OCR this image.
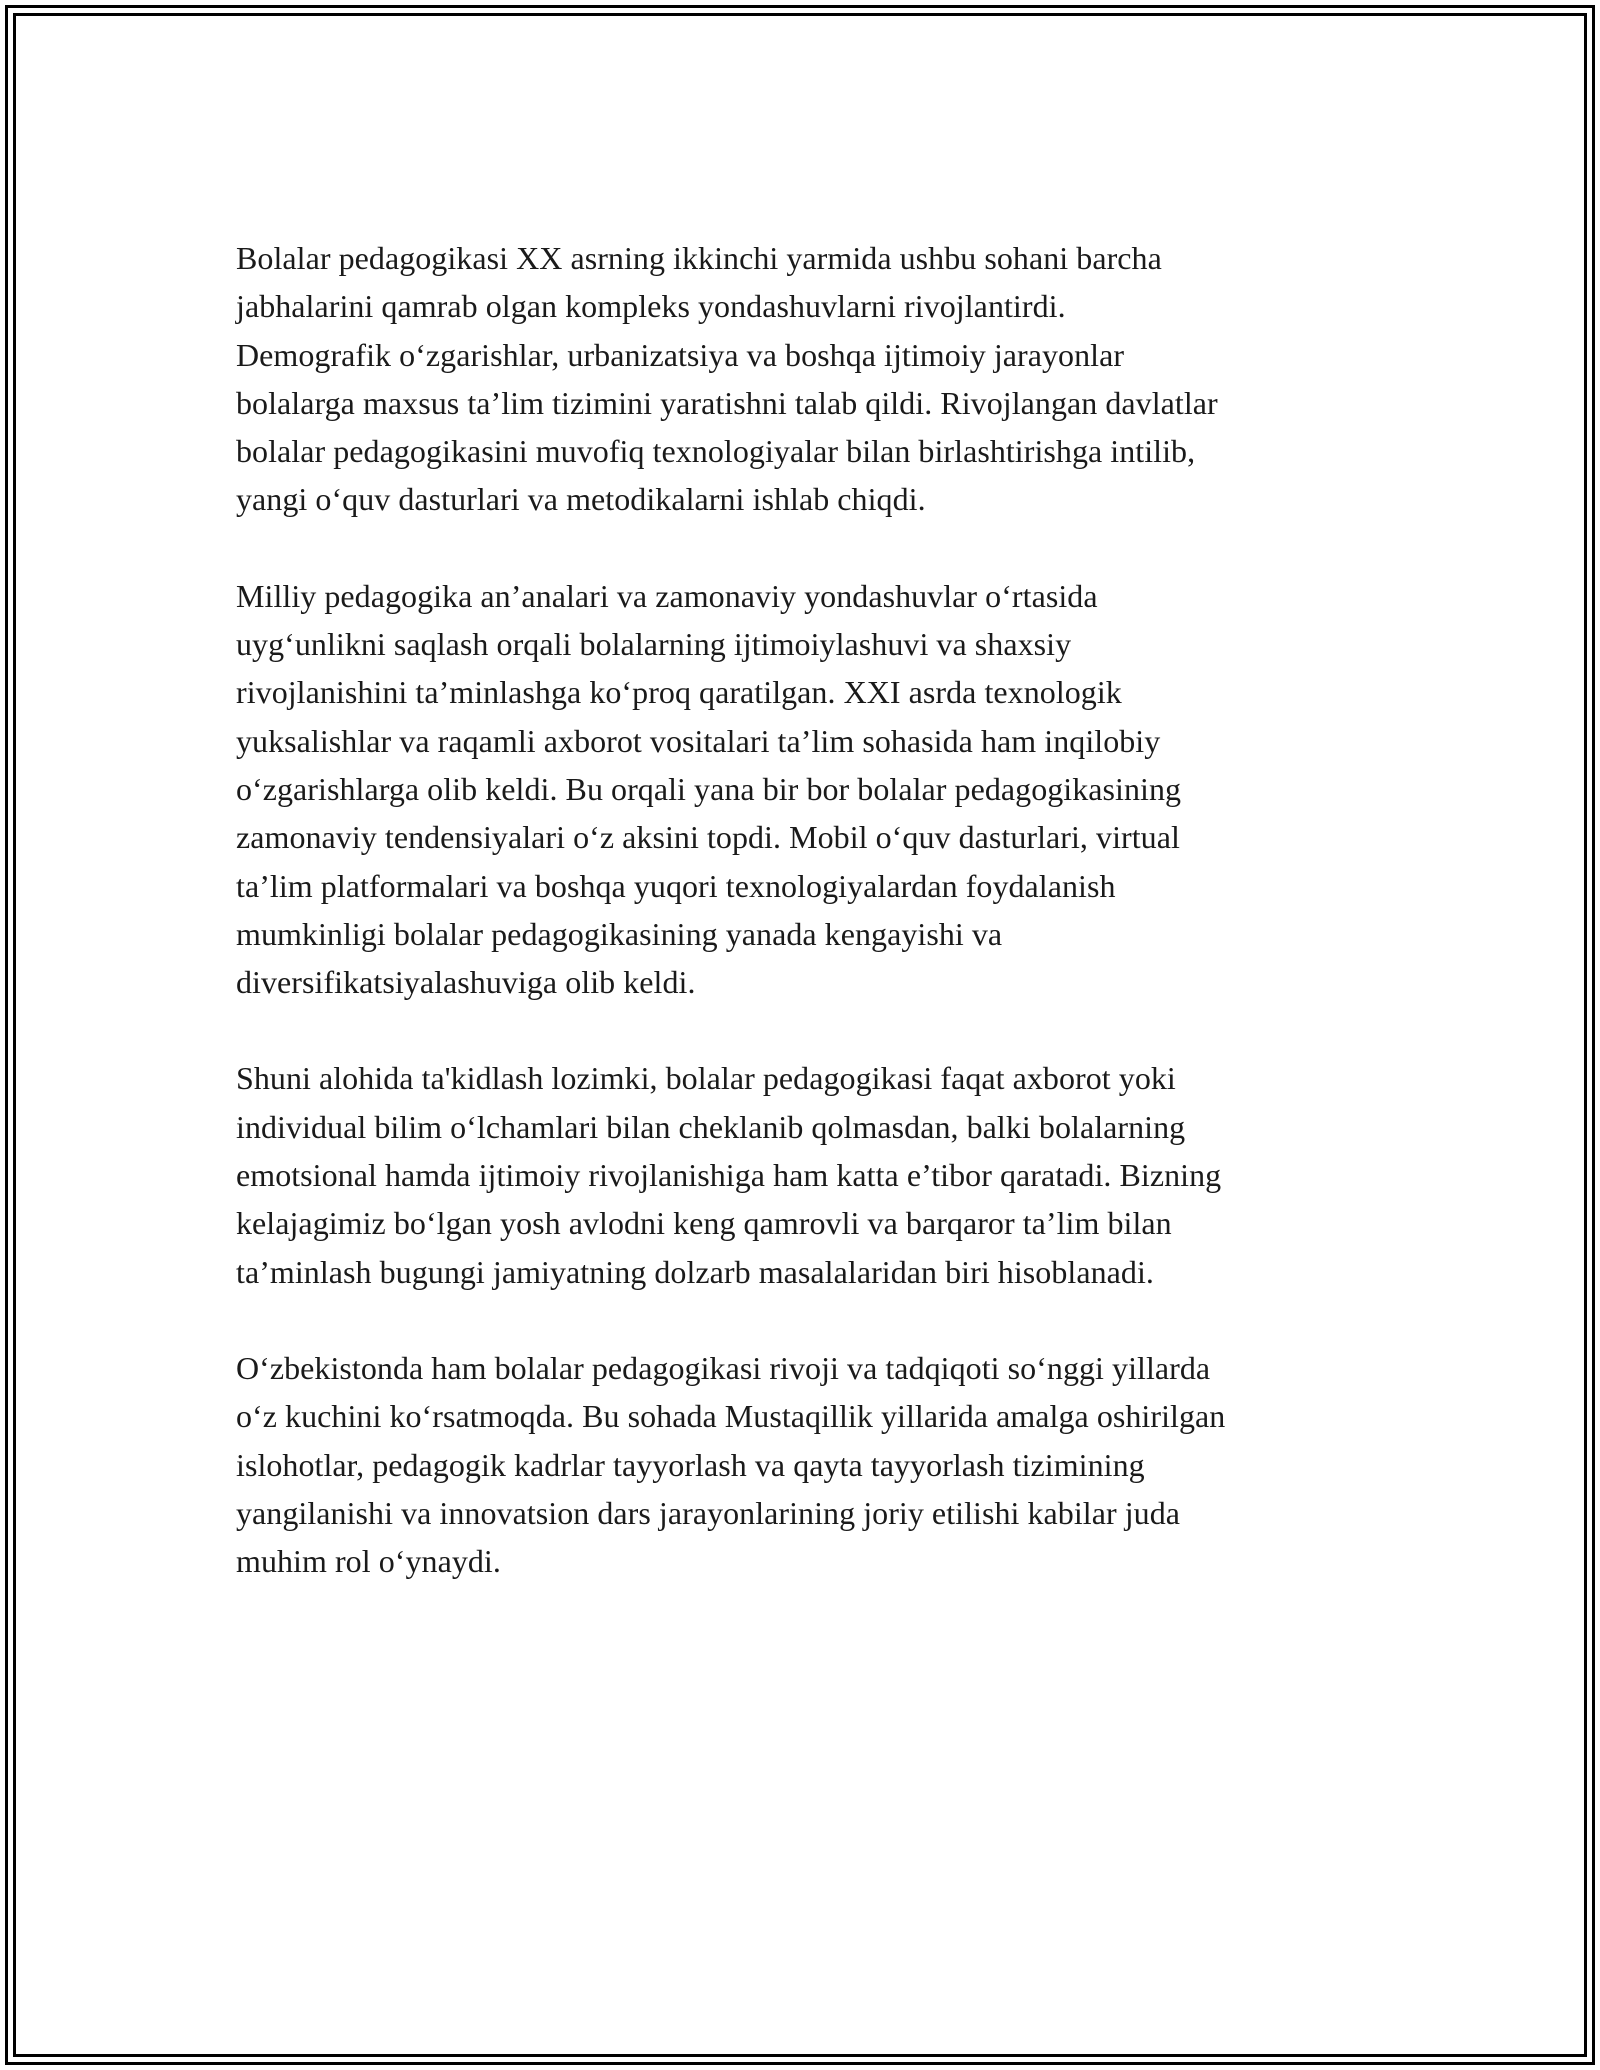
Bolalar pedagogikasi XX asrning ikkinchi yarmida ushbu sohani barcha
jabhalarini qamrab olgan kompleks yondashuvlarni rivojlantirdi.
Demografik o‘zgarishlar, urbanizatsiya va boshqa ijtimoiy jarayonlar
bolalarga maxsus ta’lim tizimini yaratishni talab qildi. Rivojlangan davlatlar
bolalar pedagogikasini muvofiq texnologiyalar bilan birlashtirishga intilib,
yangi o‘quv dasturlari va metodikalarni ishlab chiqdi.

Milliy pedagogika an’analari va zamonaviy yondashuvlar o‘rtasida
uyg‘unlikni saqlash orqali bolalarning ijtimoiylashuvi va shaxsiy
rivojlanishini ta’minlashga ko‘proq qaratilgan. XXI asrda texnologik
yuksalishlar va raqamli axborot vositalari ta’lim sohasida ham inqilobiy
o‘zgarishlarga olib keldi. Bu orqali yana bir bor bolalar pedagogikasining
zamonaviy tendensiyalari o‘z aksini topdi. Mobil o‘quv dasturlari, virtual
ta’lim platformalari va boshqa yuqori texnologiyalardan foydalanish
mumkinligi bolalar pedagogikasining yanada kengayishi va
diversifikatsiyalashuviga olib keldi.

Shuni alohida ta'kidlash lozimki, bolalar pedagogikasi faqat axborot yoki
individual bilim o‘lchamlari bilan cheklanib qolmasdan, balki bolalarning
emotsional hamda ijtimoiy rivojlanishiga ham katta e’tibor qaratadi. Bizning
kelajagimiz bo‘lgan yosh avlodni keng qamrovli va barqaror ta’lim bilan
ta’minlash bugungi jamiyatning dolzarb masalalaridan biri hisoblanadi.

O‘zbekistonda ham bolalar pedagogikasi rivoji va tadqiqoti so‘nggi yillarda
o‘z kuchini ko‘rsatmoqda. Bu sohada Mustaqillik yillarida amalga oshirilgan
islohotlar, pedagogik kadrlar tayyorlash va qayta tayyorlash tizimining
yangilanishi va innovatsion dars jarayonlarining joriy etilishi kabilar juda
muhim rol o‘ynaydi.
